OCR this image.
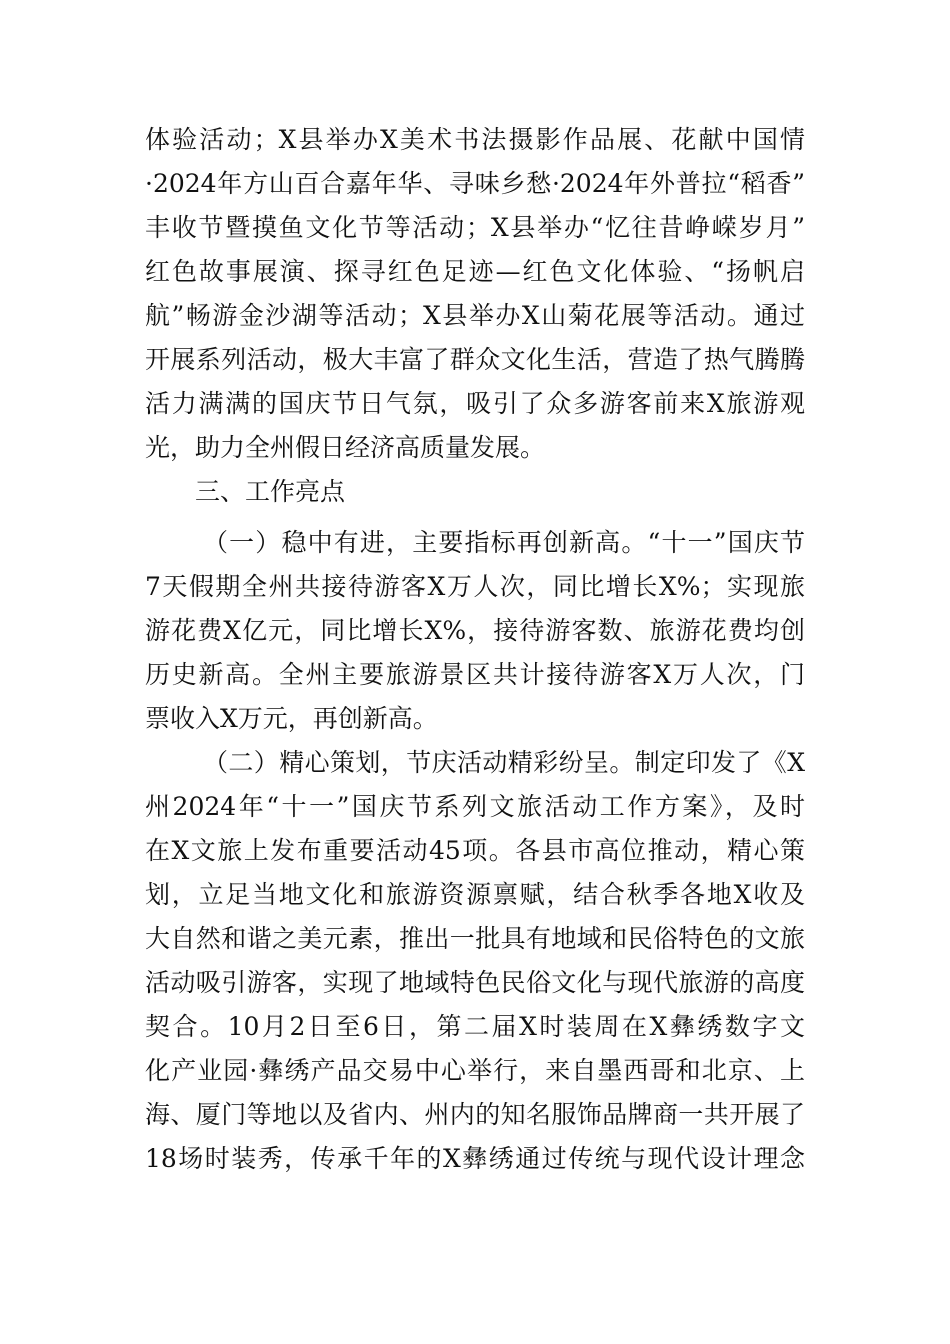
体验活动；X县举办X美术书法摄影作品展、花献中国情
·2024年方山百合嘉年华、寻味乡愁·2024年外普拉“稻香”
丰收节暨摸鱼文化节等活动；X县举办“忆往昔峥嵘岁月”
红色故事展演、探寻红色足迹—红色文化体验、“扬帆启
航”畅游金沙湖等活动；X县举办X山菊花展等活动。通过
开展系列活动，极大丰富了群众文化生活，营造了热气腾腾
活力满满的国庆节日气氛，吸引了众多游客前来X旅游观
光，助力全州假日经济高质量发展。
三、工作亮点
（一）稳中有进，主要指标再创新高。“十一”国庆节
7天假期全州共接待游客X万人次，同比增长X%；实现旅
游花费X亿元，同比增长X%，接待游客数、旅游花费均创
历史新高。全州主要旅游景区共计接待游客X万人次，门
票收入X万元，再创新高。
（二）精心策划，节庆活动精彩纷呈。制定印发了《X
州2024年“十一”国庆节系列文旅活动工作方案》，及时
在X文旅上发布重要活动45项。各县市高位推动，精心策
划，立足当地文化和旅游资源禀赋，结合秋季各地X收及
大自然和谐之美元素，推出一批具有地域和民俗特色的文旅
活动吸引游客，实现了地域特色民俗文化与现代旅游的高度
契合。10月2日至6日，第二届X时装周在X彝绣数字文
化产业园·彝绣产品交易中心举行，来自墨西哥和北京、上
海、厦门等地以及省内、州内的知名服饰品牌商一共开展了
18场时装秀，传承千年的X彝绣通过传统与现代设计理念
